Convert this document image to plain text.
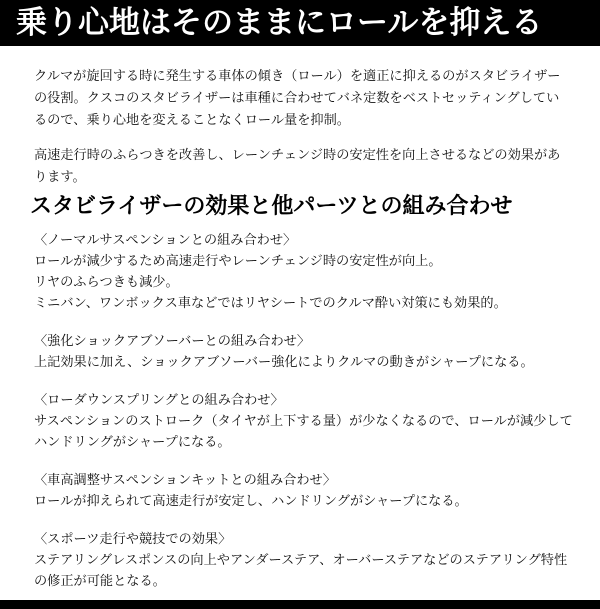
乗り心地はそのままにロールを抑える

クルマが旋回する時に発生する車体の傾き（ロール）を適正に抑えるのがスタビライザーの役割。クスコのスタビライザーは車種に合わせてバネ定数をベストセッティングしているので、乗り心地を変えることなくロール量を抑制。

高速走行時のふらつきを改善し、レーンチェンジ時の安定性を向上させるなどの効果があります。

スタビライザーの効果と他パーツとの組み合わせ
〈ノーマルサスペンションとの組み合わせ〉
ロールが減少するため高速走行やレーンチェンジ時の安定性が向上。
リヤのふらつきも減少。
ミニバン、ワンボックス車などではリヤシートでのクルマ酔い対策にも効果的。
〈強化ショックアブソーバーとの組み合わせ〉
上記効果に加え、ショックアブソーバー強化によりクルマの動きがシャープになる。
〈ローダウンスプリングとの組み合わせ〉
サスペンションのストローク（タイヤが上下する量）が少なくなるので、ロールが減少してハンドリングがシャープになる。
〈車高調整サスペンションキットとの組み合わせ〉
ロールが抑えられて高速走行が安定し、ハンドリングがシャープになる。
〈スポーツ走行や競技での効果〉
ステアリングレスポンスの向上やアンダーステア、オーバーステアなどのステアリング特性の修正が可能となる。
